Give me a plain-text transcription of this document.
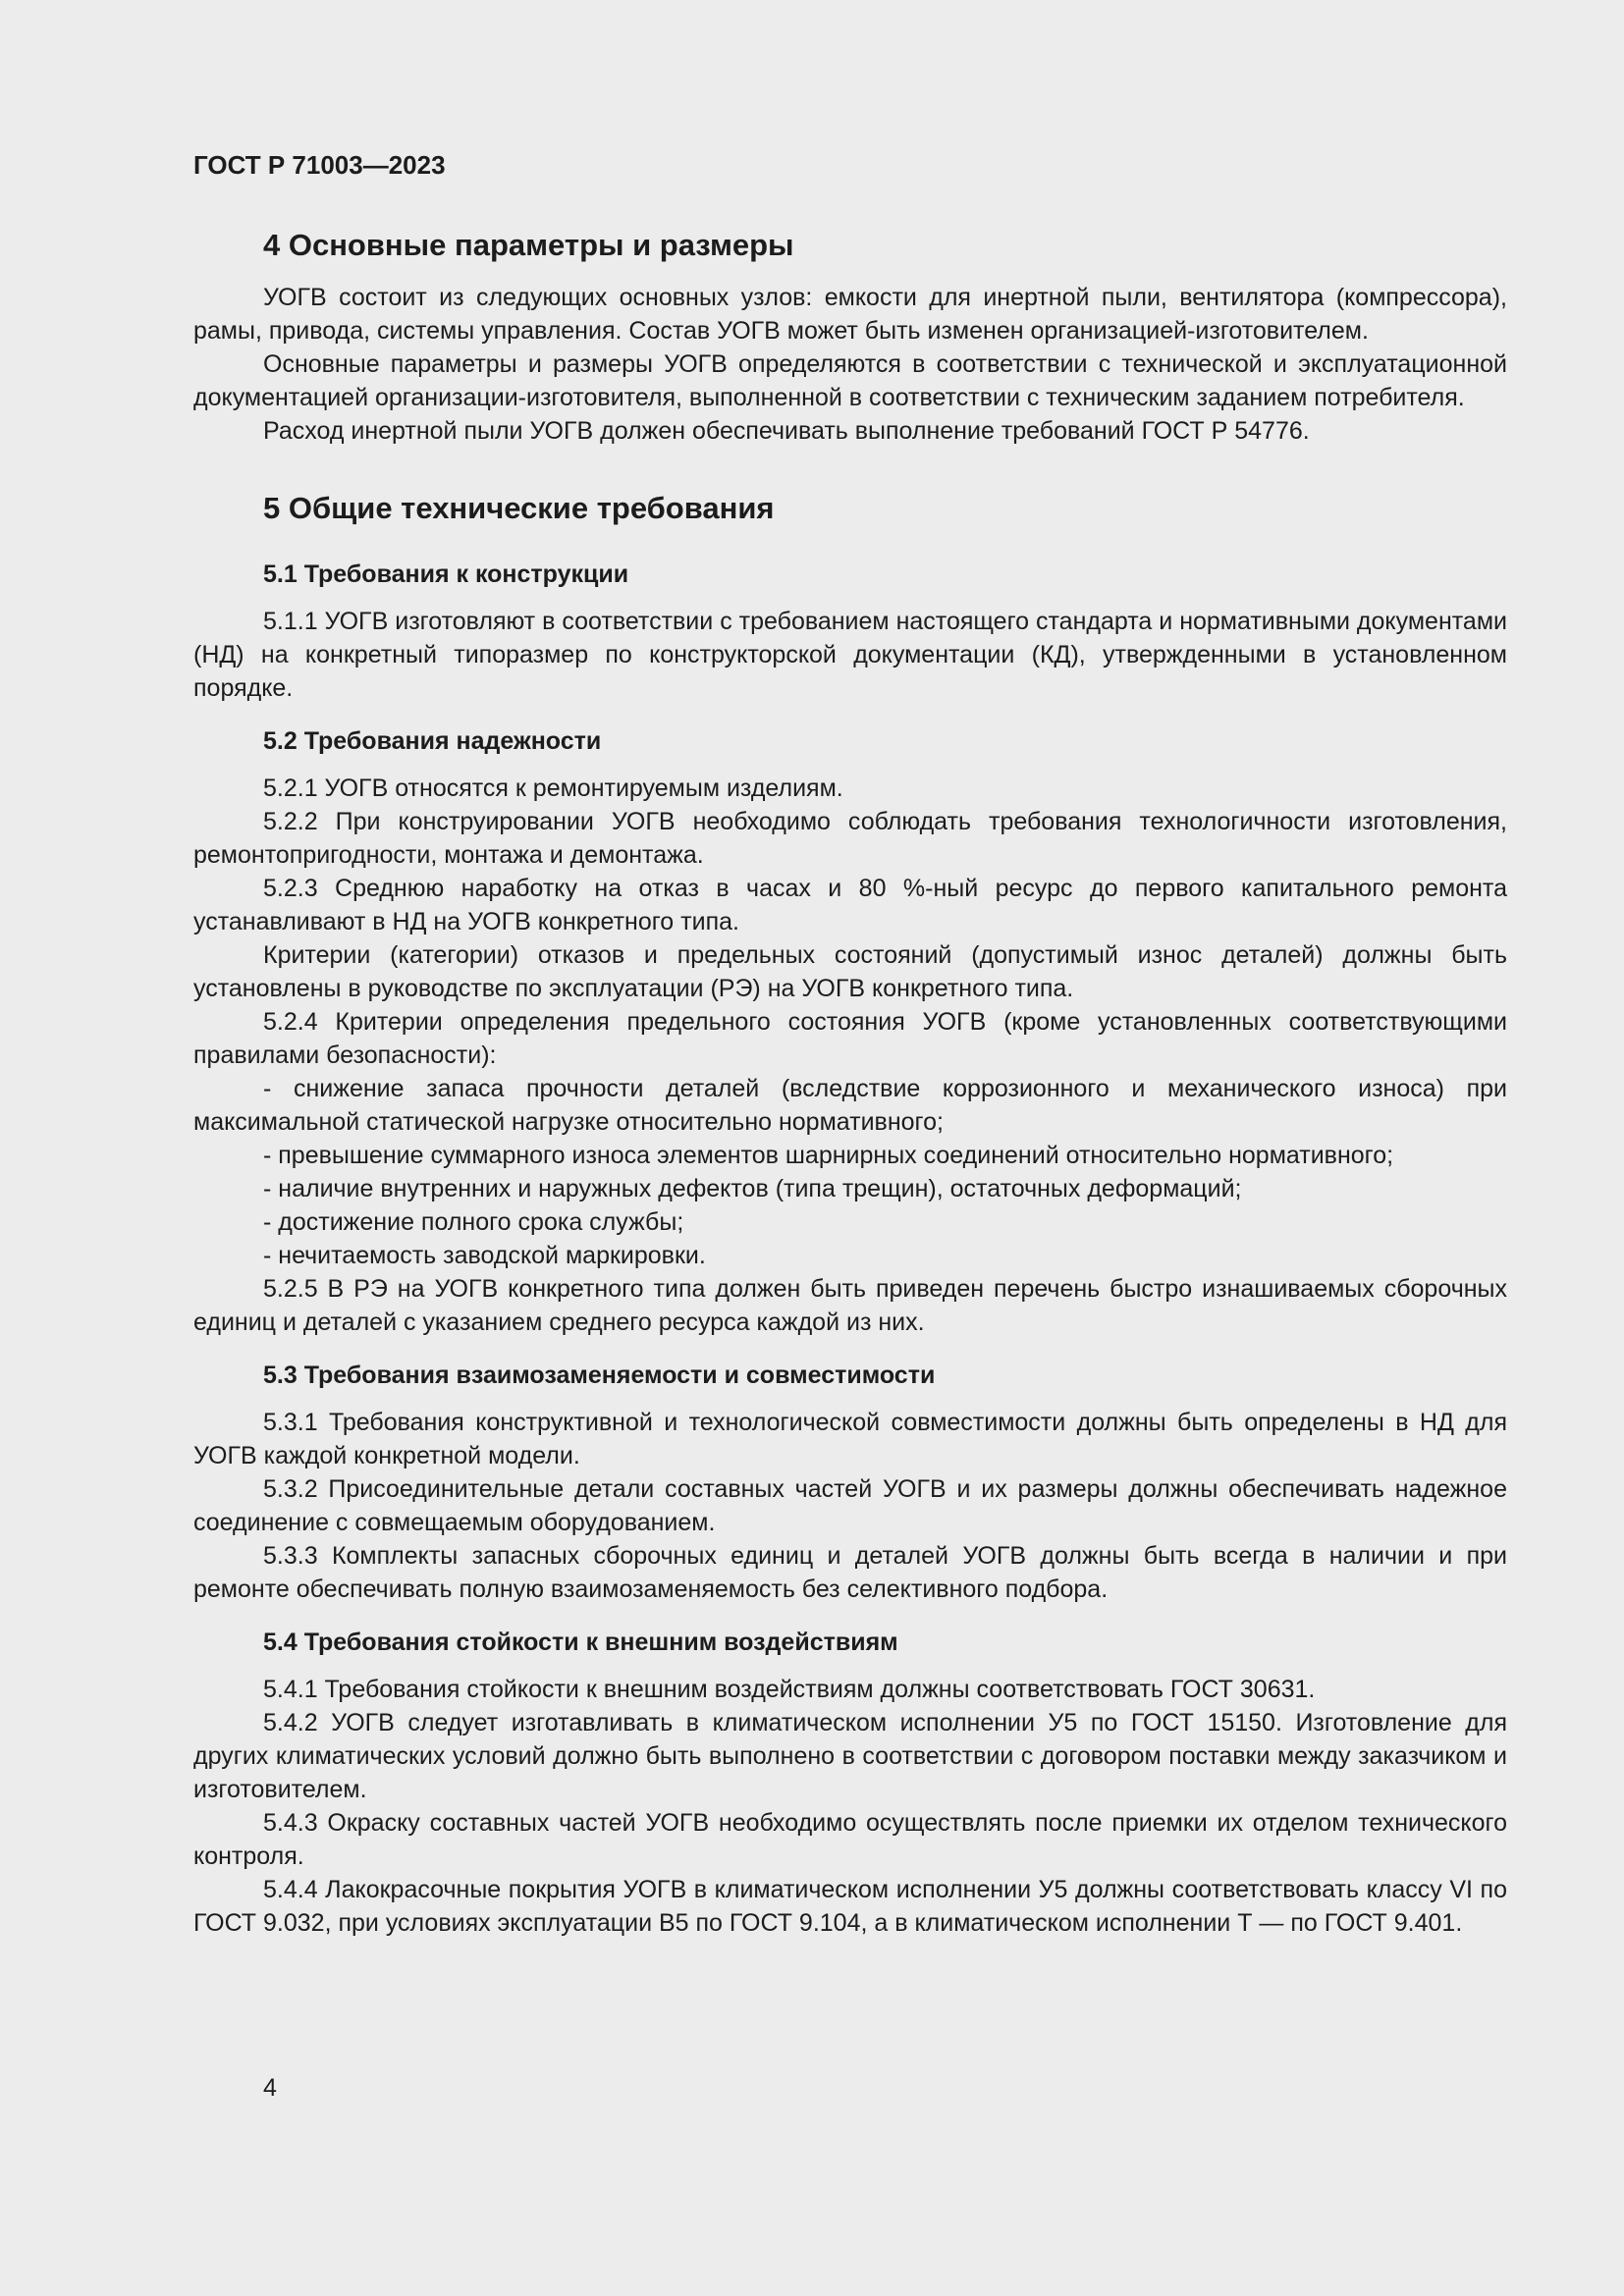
ГОСТ Р 71003—2023
4 Основные параметры и размеры

УОГВ состоит из следующих основных узлов: емкости для инертной пыли, вентилятора (компрессора), рамы, привода, системы управления. Состав УОГВ может быть изменен организацией-изготовителем.

Основные параметры и размеры УОГВ определяются в соответствии с технической и эксплуатационной документацией организации-изготовителя, выполненной в соответствии с техническим заданием потребителя.

Расход инертной пыли УОГВ должен обеспечивать выполнение требований ГОСТ Р 54776.

5 Общие технические требования
5.1 Требования к конструкции

5.1.1 УОГВ изготовляют в соответствии с требованием настоящего стандарта и нормативными документами (НД) на конкретный типоразмер по конструкторской документации (КД), утвержденными в установленном порядке.

5.2 Требования надежности

5.2.1 УОГВ относятся к ремонтируемым изделиям.

5.2.2 При конструировании УОГВ необходимо соблюдать требования технологичности изготовления, ремонтопригодности, монтажа и демонтажа.

5.2.3 Среднюю наработку на отказ в часах и 80 %-ный ресурс до первого капитального ремонта устанавливают в НД на УОГВ конкретного типа.

Критерии (категории) отказов и предельных состояний (допустимый износ деталей) должны быть установлены в руководстве по эксплуатации (РЭ) на УОГВ конкретного типа.

5.2.4 Критерии определения предельного состояния УОГВ (кроме установленных соответствующими правилами безопасности):

- снижение запаса прочности деталей (вследствие коррозионного и механического износа) при максимальной статической нагрузке относительно нормативного;

- превышение суммарного износа элементов шарнирных соединений относительно нормативного;

- наличие внутренних и наружных дефектов (типа трещин), остаточных деформаций;

- достижение полного срока службы;

- нечитаемость заводской маркировки.

5.2.5 В РЭ на УОГВ конкретного типа должен быть приведен перечень быстро изнашиваемых сборочных единиц и деталей с указанием среднего ресурса каждой из них.

5.3 Требования взаимозаменяемости и совместимости

5.3.1 Требования конструктивной и технологической совместимости должны быть определены в НД для УОГВ каждой конкретной модели.

5.3.2 Присоединительные детали составных частей УОГВ и их размеры должны обеспечивать надежное соединение с совмещаемым оборудованием.

5.3.3 Комплекты запасных сборочных единиц и деталей УОГВ должны быть всегда в наличии и при ремонте обеспечивать полную взаимозаменяемость без селективного подбора.

5.4 Требования стойкости к внешним воздействиям

5.4.1 Требования стойкости к внешним воздействиям должны соответствовать ГОСТ 30631.

5.4.2 УОГВ следует изготавливать в климатическом исполнении У5 по ГОСТ 15150. Изготовление для других климатических условий должно быть выполнено в соответствии с договором поставки между заказчиком и изготовителем.

5.4.3 Окраску составных частей УОГВ необходимо осуществлять после приемки их отделом технического контроля.

5.4.4 Лакокрасочные покрытия УОГВ в климатическом исполнении У5 должны соответствовать классу VI по ГОСТ 9.032, при условиях эксплуатации В5 по ГОСТ 9.104, а в климатическом исполнении Т — по ГОСТ 9.401.

4
